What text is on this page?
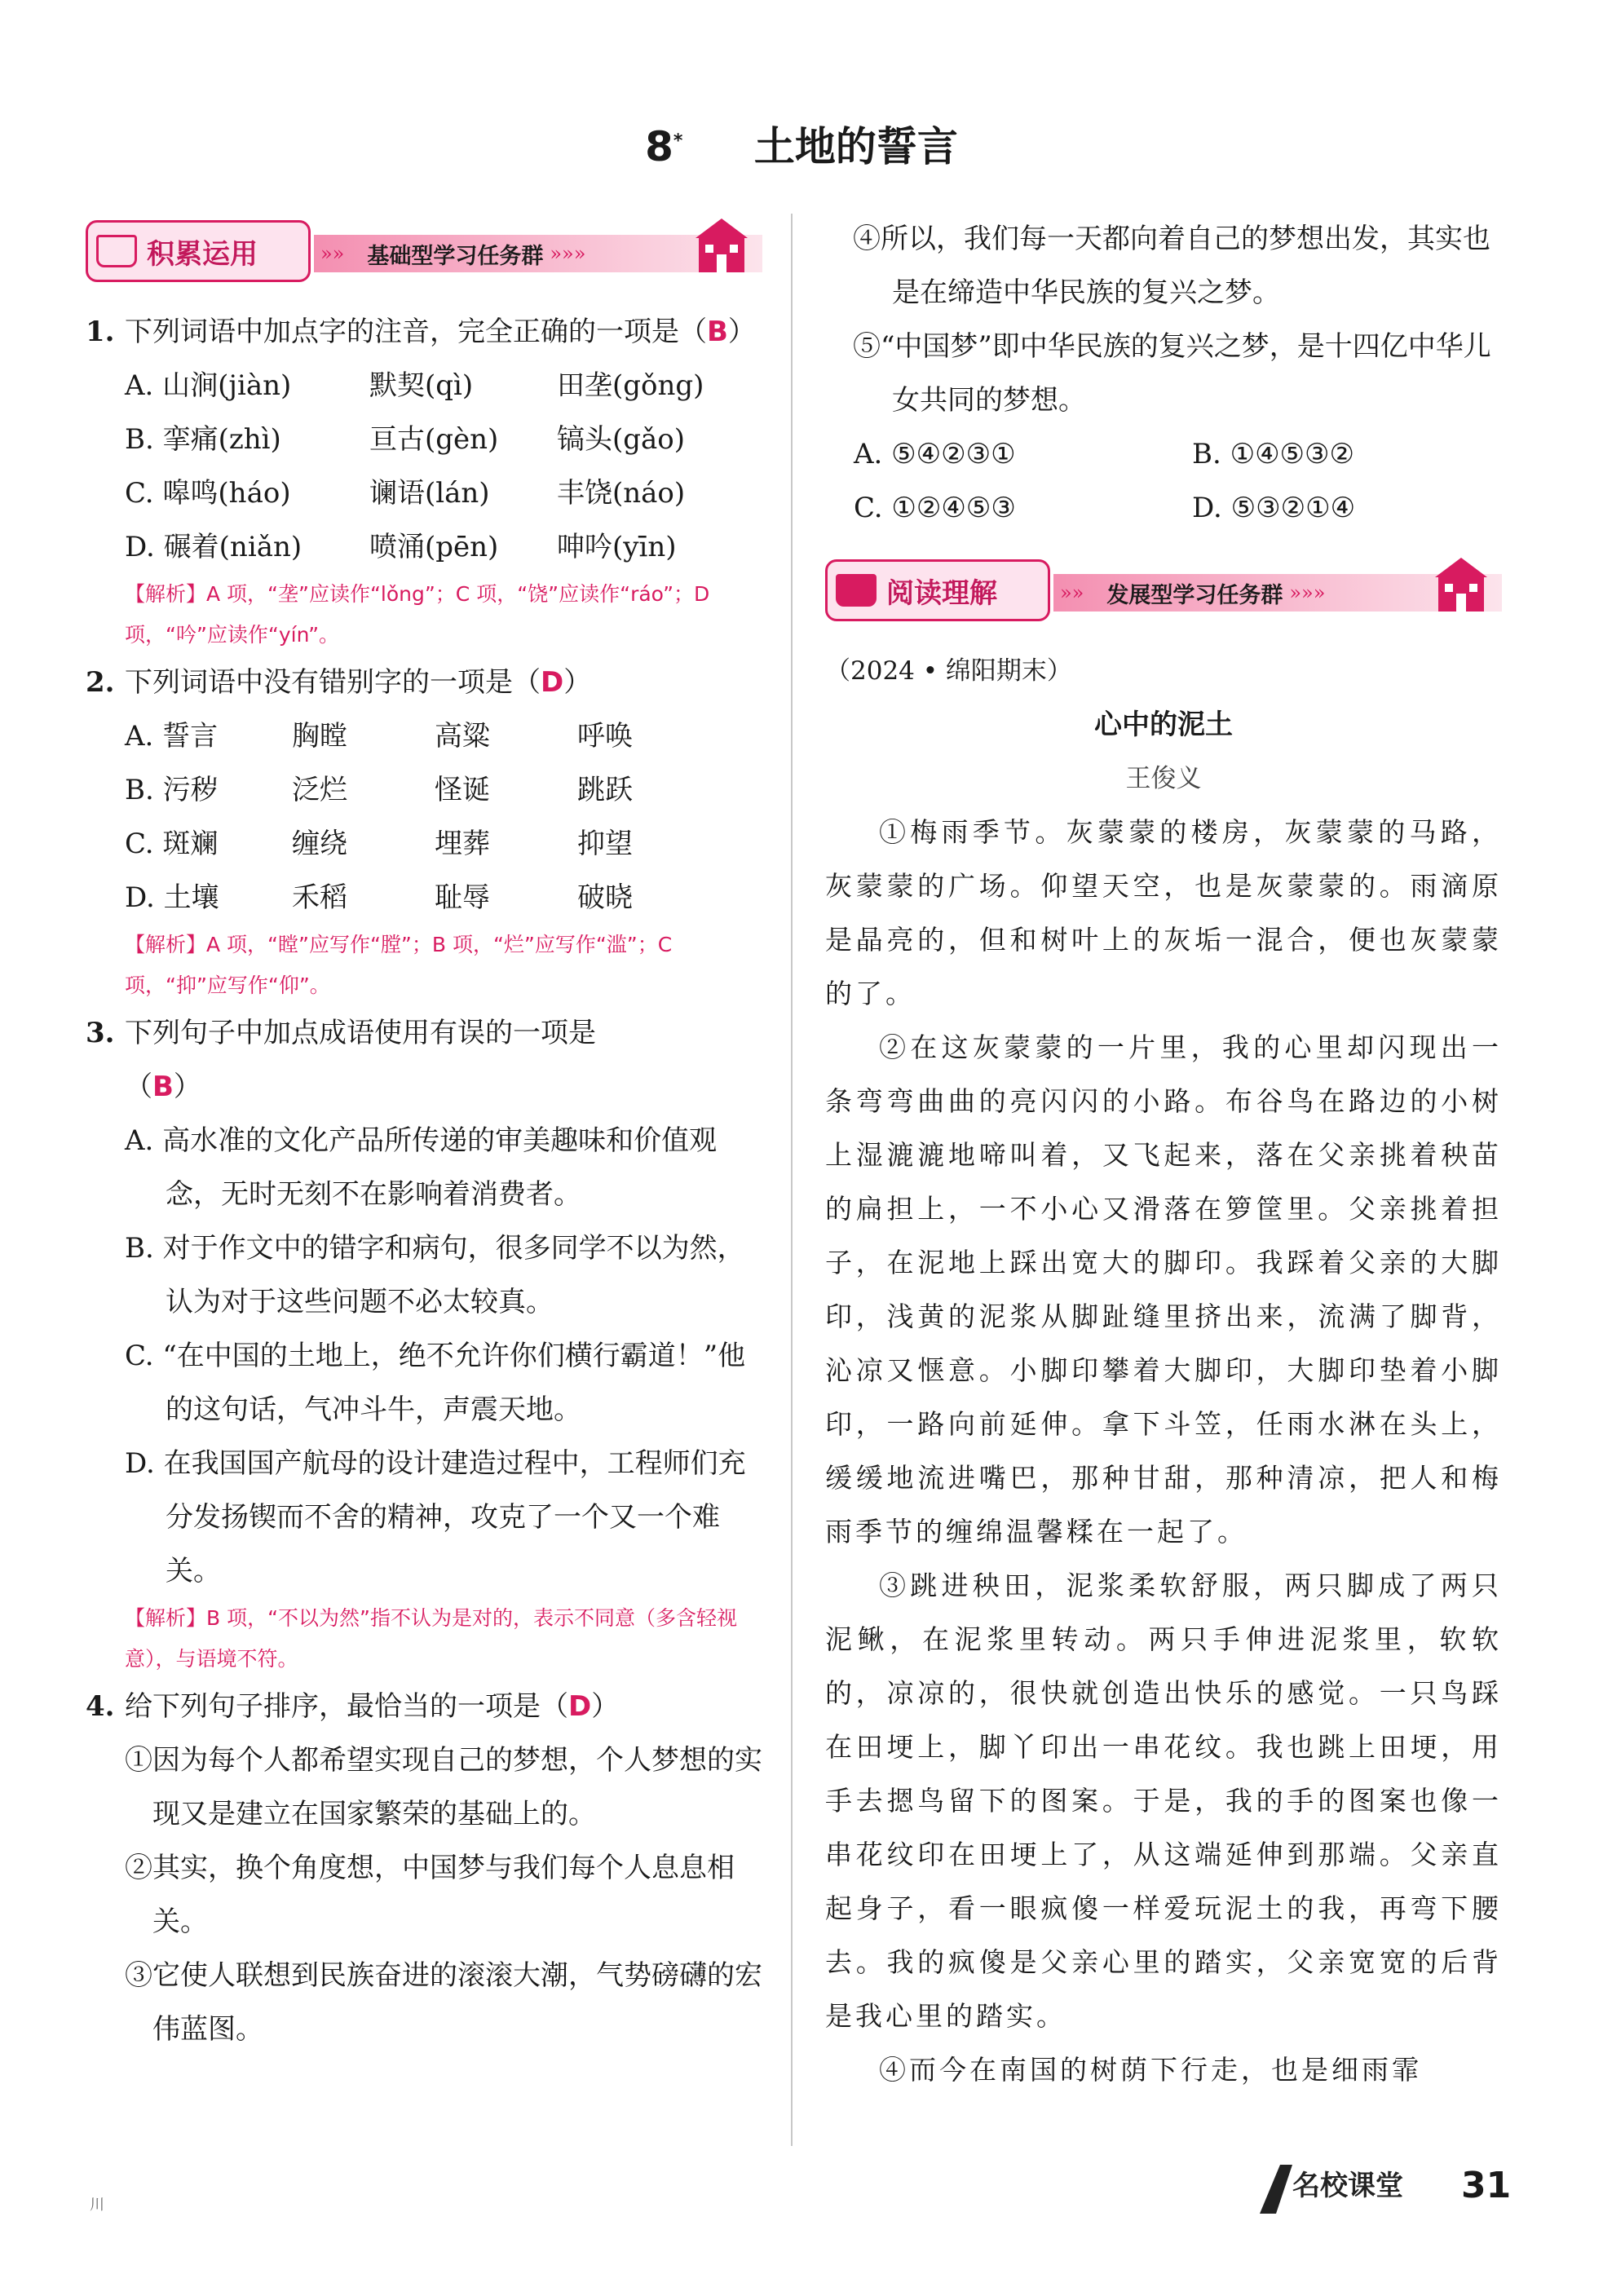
8* 土地的誓言
积累运用	»» 基础型学习任务群 »»»
1. 下列词语中加点字的注音，完全正确的一项是（B）
A. 山涧(jiàn)	默契(qì)	田垄(gǒng)
B. 挛痛(zhì)	亘古(gèn)	镐头(gǎo)
C. 嗥鸣(háo)	谰语(lán)	丰饶(náo)
D. 碾着(niǎn)	喷涌(pēn)	呻吟(yīn)
【解析】A 项，“垄”应读作“lǒng”；C 项，“饶”应读作“ráo”；D 项，“吟”应读作“yín”。
2. 下列词语中没有错别字的一项是（D）
A. 誓言	胸瞠	高粱	呼唤
B. 污秽	泛烂	怪诞	跳跃
C. 斑斓	缠绕	埋葬	抑望
D. 土壤	禾稻	耻辱	破晓
【解析】A 项，“瞠”应写作“膛”；B 项，“烂”应写作“滥”；C 项，“抑”应写作“仰”。
3. 下列句子中加点成语使用有误的一项是
（B）
A. 高水准的文化产品所传递的审美趣味和价值观念，无时无刻不在影响着消费者。
B. 对于作文中的错字和病句，很多同学不以为然，认为对于这些问题不必太较真。
C. “在中国的土地上，绝不允许你们横行霸道！”他的这句话，气冲斗牛，声震天地。
D. 在我国国产航母的设计建造过程中，工程师们充分发扬锲而不舍的精神，攻克了一个又一个难关。
【解析】B 项，“不以为然”指不认为是对的，表示不同意（多含轻视意），与语境不符。
4. 给下列句子排序，最恰当的一项是（D）
①因为每个人都希望实现自己的梦想，个人梦想的实现又是建立在国家繁荣的基础上的。
②其实，换个角度想，中国梦与我们每个人息息相关。
③它使人联想到民族奋进的滚滚大潮，气势磅礴的宏伟蓝图。
④所以，我们每一天都向着自己的梦想出发，其实也是在缔造中华民族的复兴之梦。
⑤“中国梦”即中华民族的复兴之梦，是十四亿中华儿女共同的梦想。
A. ⑤④②③①	B. ①④⑤③②
C. ①②④⑤③	D. ⑤③②①④
阅读理解	»» 发展型学习任务群 »»»
（2024 • 绵阳期末）
心中的泥土
王俊义
①梅雨季节。灰蒙蒙的楼房，灰蒙蒙的马路，灰蒙蒙的广场。仰望天空，也是灰蒙蒙的。雨滴原是晶亮的，但和树叶上的灰垢一混合，便也灰蒙蒙的了。
②在这灰蒙蒙的一片里，我的心里却闪现出一条弯弯曲曲的亮闪闪的小路。布谷鸟在路边的小树上湿漉漉地啼叫着，又飞起来，落在父亲挑着秧苗的扁担上，一不小心又滑落在箩筐里。父亲挑着担子，在泥地上踩出宽大的脚印。我踩着父亲的大脚印，浅黄的泥浆从脚趾缝里挤出来，流满了脚背，沁凉又惬意。小脚印攀着大脚印，大脚印垫着小脚印，一路向前延伸。拿下斗笠，任雨水淋在头上，缓缓地流进嘴巴，那种甘甜，那种清凉，把人和梅雨季节的缠绵温馨糅在一起了。
③跳进秧田，泥浆柔软舒服，两只脚成了两只泥鳅，在泥浆里转动。两只手伸进泥浆里，软软的，凉凉的，很快就创造出快乐的感觉。一只鸟踩在田埂上，脚丫印出一串花纹。我也跳上田埂，用手去摁鸟留下的图案。于是，我的手的图案也像一串花纹印在田埂上了，从这端延伸到那端。父亲直起身子，看一眼疯傻一样爱玩泥土的我，再弯下腰去。我的疯傻是父亲心里的踏实，父亲宽宽的后背是我心里的踏实。
④而今在南国的树荫下行走，也是细雨霏
川
名校课堂 31
